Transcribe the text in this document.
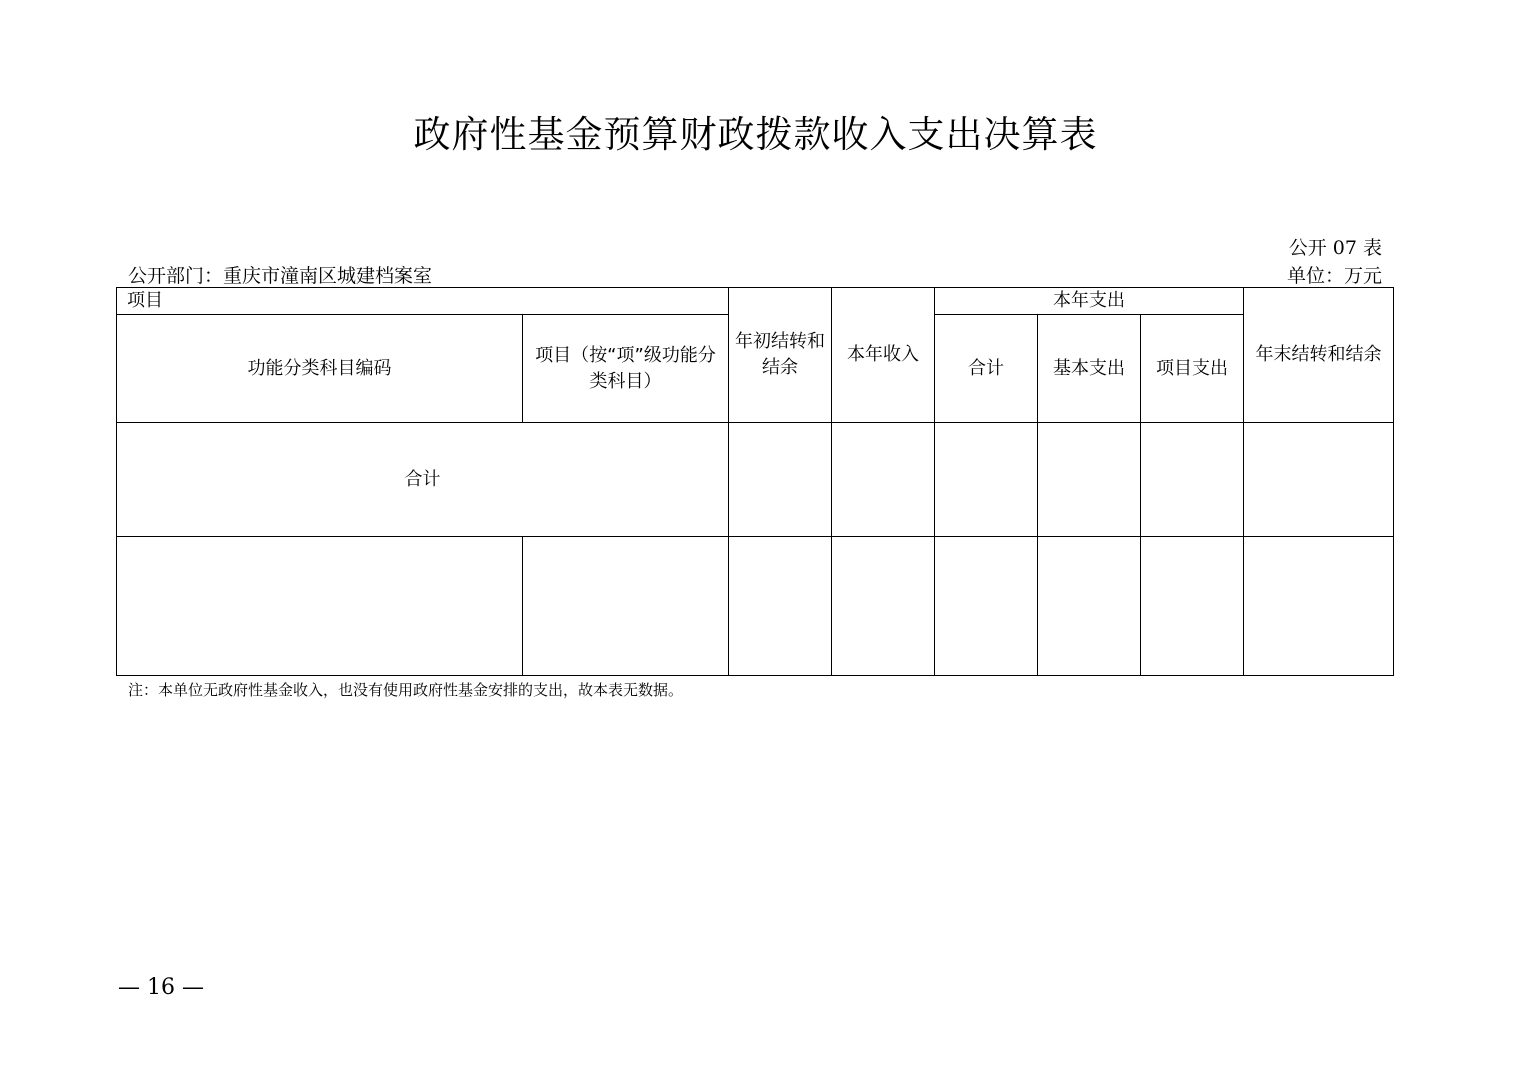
政府性基金预算财政拨款收入支出决算表
公开 07 表
公开部门：重庆市潼南区城建档案室	单位：万元
项目		年初结转和结余	本年收入	本年支出			年末结转和结余
功能分类科目编码	项目（按“项”级功能分类科目）			合计	基本支出	项目支出	
合计							

注：本单位无政府性基金收入，也没有使用政府性基金安排的支出，故本表无数据。
— 16 —
